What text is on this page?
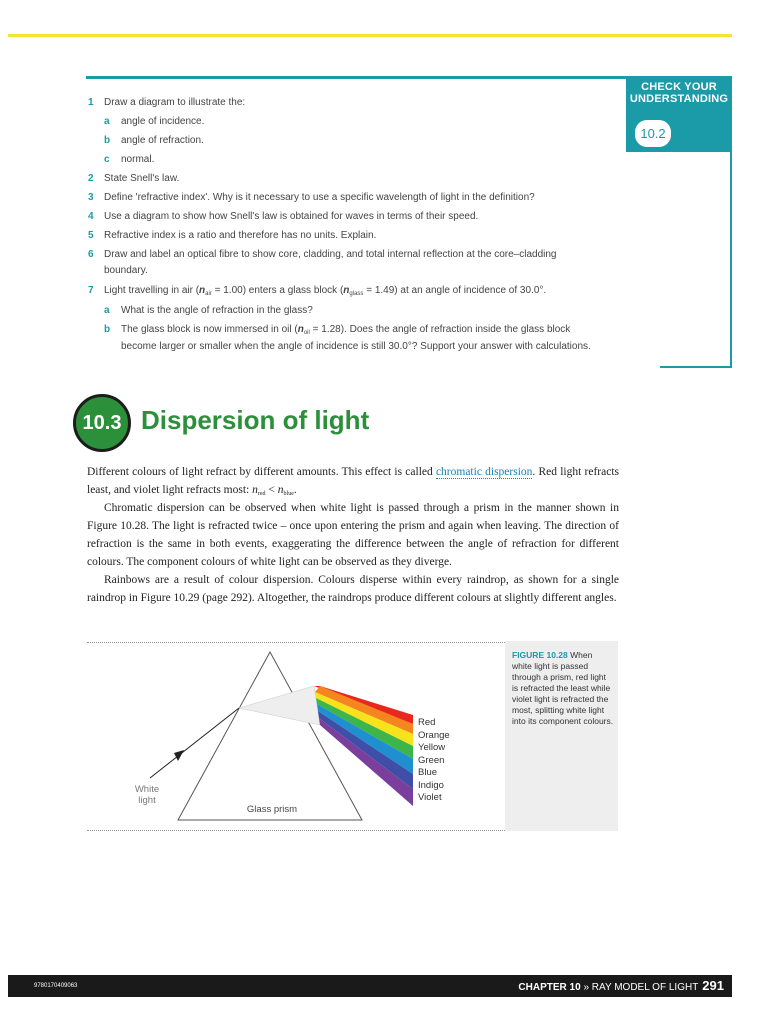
CHECK YOUR
UNDERSTANDING
10.2
1 Draw a diagram to illustrate the:
a angle of incidence.
b angle of refraction.
c normal.
2 State Snell's law.
3 Define 'refractive index'. Why is it necessary to use a specific wavelength of light in the definition?
4 Use a diagram to show how Snell's law is obtained for waves in terms of their speed.
5 Refractive index is a ratio and therefore has no units. Explain.
6 Draw and label an optical fibre to show core, cladding, and total internal reflection at the core–cladding
boundary.
7 Light travelling in air $(n_{air} = 1.00)$ enters a glass block $(n_{glass} = 1.49)$ at an angle of incidence of 30.0°.
a What is the angle of refraction in the glass?
b The glass block is now immersed in oil $(n_{oil} = 1.28)$. Does the angle of refraction inside the glass block
become larger or smaller when the angle of incidence is still 30.0°? Support your answer with calculations.
10.3 Dispersion of light
Different colours of light refract by different amounts. This effect is called chromatic dispersion. Red light refracts least, and violet light refracts most: $n_{red} < n_{blue}$.
Chromatic dispersion can be observed when white light is passed through a prism in the manner shown in Figure 10.28. The light is refracted twice – once upon entering the prism and again when leaving. The direction of refraction is the same in both events, exaggerating the difference between the angle of refraction for different colours. The component colours of white light can be observed as they diverge.
Rainbows are a result of colour dispersion. Colours disperse within every raindrop, as shown for a single raindrop in Figure 10.29 (page 292). Altogether, the raindrops produce different colours at slightly different angles.
FIGURE 10.28 When white light is passed through a prism, red light is refracted the least while violet light is refracted the most, splitting white light into its component colours.
Red
Orange
Yellow
Green
Blue
Indigo
Violet
White
light
Glass prism
9780170409063	CHAPTER 10 » RAY MODEL OF LIGHT 291
